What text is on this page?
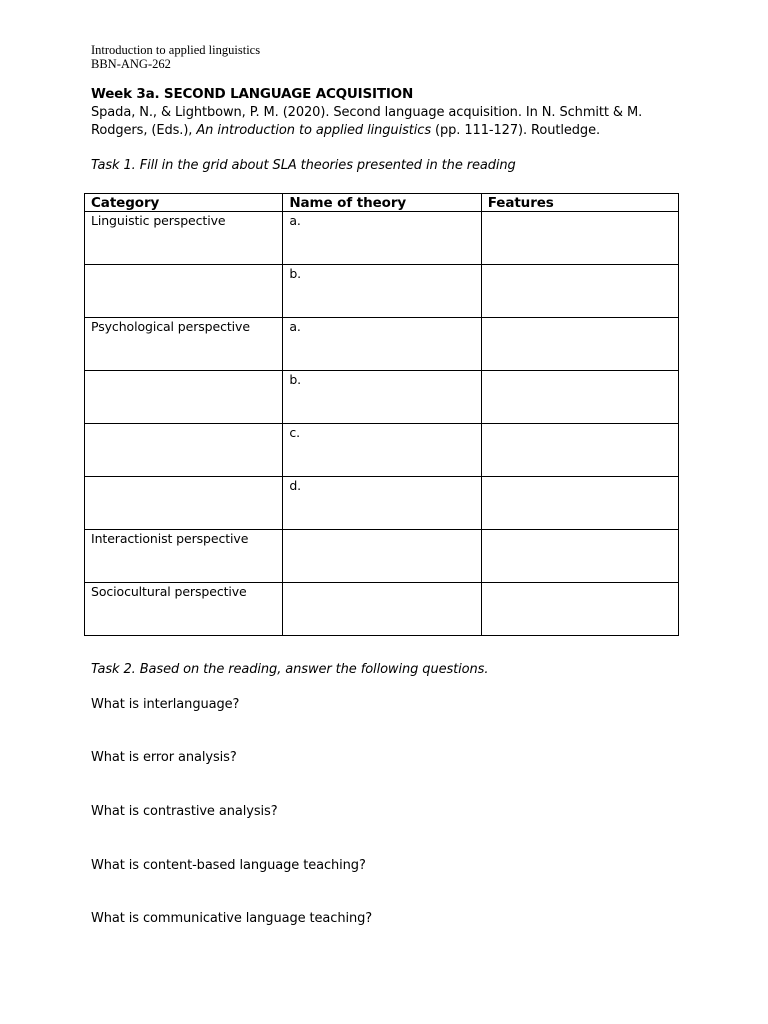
Introduction to applied linguistics
BBN-ANG-262
Week 3a. SECOND LANGUAGE ACQUISITION
Spada, N., & Lightbown, P. M. (2020). Second language acquisition. In N. Schmitt & M. Rodgers, (Eds.), An introduction to applied linguistics (pp. 111-127). Routledge.
Task 1. Fill in the grid about SLA theories presented in the reading
Category	Name of theory	Features
Linguistic perspective	a.	
	b.	
Psychological perspective	a.	
	b.	
	c.	
	d.	
Interactionist perspective		
Sociocultural perspective		
Task 2. Based on the reading, answer the following questions.
What is interlanguage?
What is error analysis?
What is contrastive analysis?
What is content-based language teaching?
What is communicative language teaching?
